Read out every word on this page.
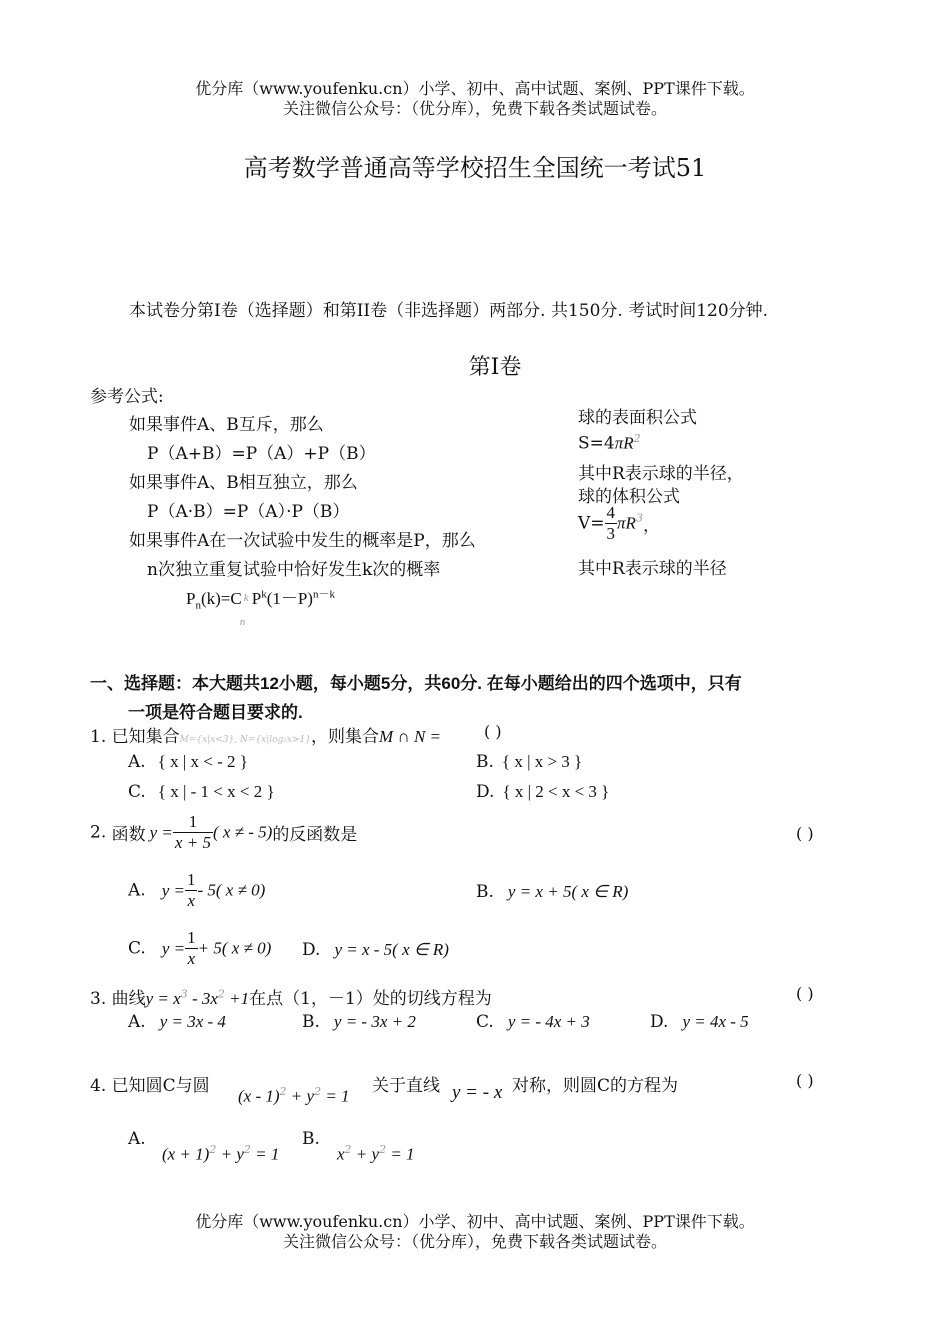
优分库（www.youfenku.cn）小学、初中、高中试题、案例、PPT课件下载。
关注微信公众号：（优分库），免费下载各类试题试卷。
高考数学普通高等学校招生全国统一考试51
本试卷分第I卷（选择题）和第II卷（非选择题）两部分. 共150分. 考试时间120分钟.
第I卷
参考公式:
如果事件A、B互斥，那么
P（A+B）=P（A）+P（B）
如果事件A、B相互独立，那么
P（A·B）=P（A）·P（B）
如果事件A在一次试验中发生的概率是P，那么
n次独立重复试验中恰好发生k次的概率
$P_n(k)=C$ k
n
$P^k(1-P)^{n-k}$
球的表面积公式
$S=4\pi R^2$
其中R表示球的半径，
球的体积公式
$V= \frac{4}{3} \pi R^3$，
其中R表示球的半径
一、选择题：本大题共12小题，每小题5分，共60分. 在每小题给出的四个选项中，只有
一项是符合题目要求的.
1. 已知集合M={x|x<3}, N={x|log₂x>1}，则集合M ∩ N =	( )
A. { x | x < - 2 }	B. { x | x > 3 }
C. { x | - 1 < x < 2 }	D. { x | 2 < x < 3 }
2. 函数 $y = \frac{1}{x + 5}$ ( x ≠ - 5)的反函数是	( )
A. $y = \frac{1}{x} - 5$( x ≠ 0)	B. y = x + 5( x ∈ R)
C. $y = \frac{1}{x} + 5$( x ≠ 0) D. y = x - 5( x ∈ R)
3. 曲线$y = x^3 - 3x^2 +1$在点（1，－1）处的切线方程为	( )
A. y = 3x - 4	B. y = - 3x + 2	C. y = - 4x + 3	D. y = 4x - 5
4. 已知圆C与圆 $(x - 1)^2 + y^2 = 1$ 关于直线 y = - x 对称，则圆C的方程为	( )
A.
$(x + 1)^2 + y^2 = 1$
B.
$x^2 + y^2 = 1$
优分库（www.youfenku.cn）小学、初中、高中试题、案例、PPT课件下载。
关注微信公众号：（优分库），免费下载各类试题试卷。
